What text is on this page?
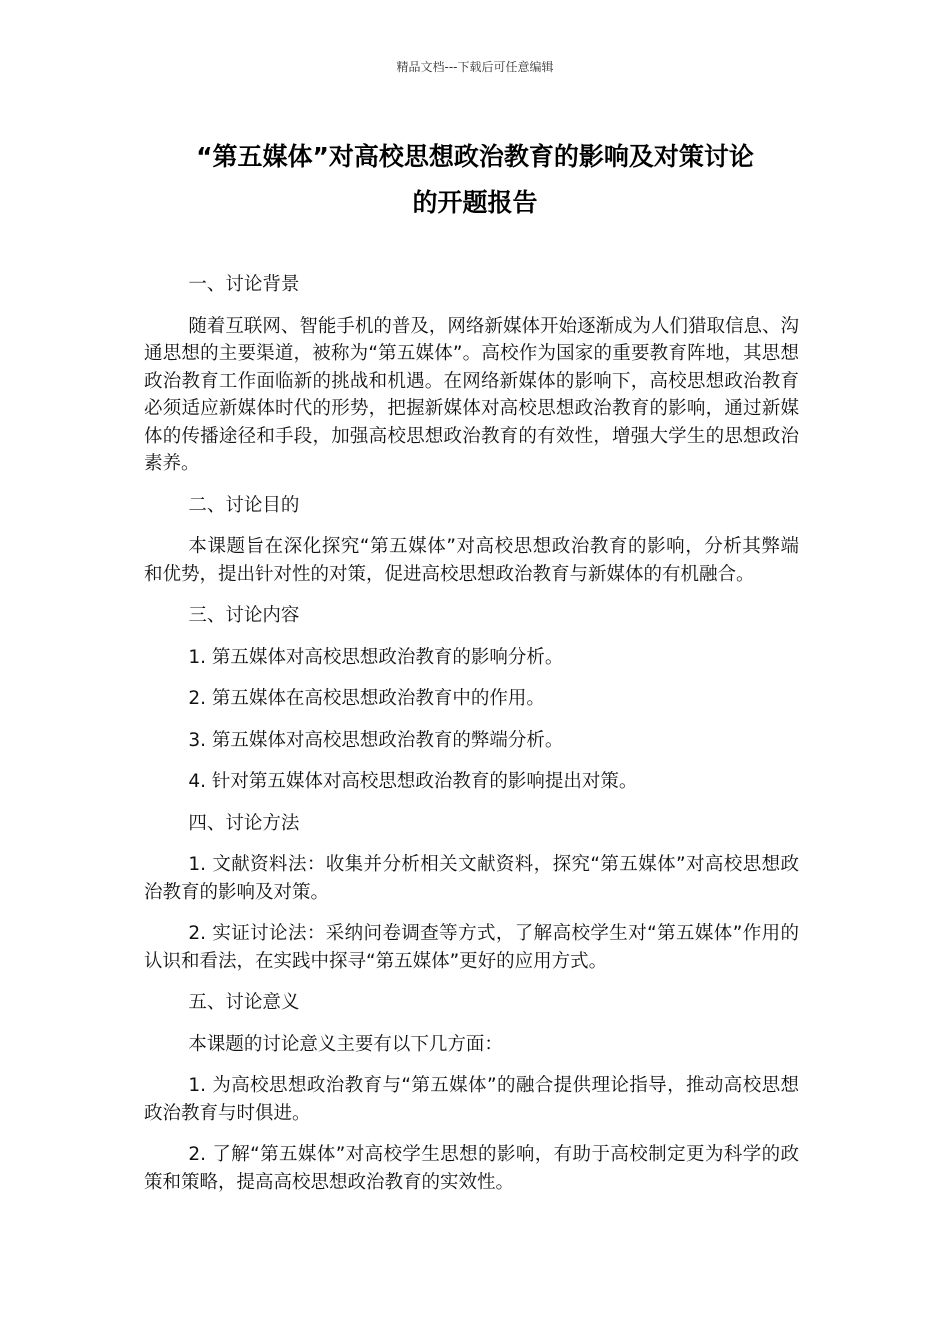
精品文档---下载后可任意编辑
“第五媒体”对高校思想政治教育的影响及对策讨论
的开题报告

一、讨论背景

随着互联网、智能手机的普及，网络新媒体开始逐渐成为人们猎取信息、沟通思想的主要渠道，被称为“第五媒体”。高校作为国家的重要教育阵地，其思想政治教育工作面临新的挑战和机遇。在网络新媒体的影响下，高校思想政治教育必须适应新媒体时代的形势，把握新媒体对高校思想政治教育的影响，通过新媒体的传播途径和手段，加强高校思想政治教育的有效性，增强大学生的思想政治素养。

二、讨论目的

本课题旨在深化探究“第五媒体”对高校思想政治教育的影响，分析其弊端和优势，提出针对性的对策，促进高校思想政治教育与新媒体的有机融合。

三、讨论内容

1. 第五媒体对高校思想政治教育的影响分析。

2. 第五媒体在高校思想政治教育中的作用。

3. 第五媒体对高校思想政治教育的弊端分析。

4. 针对第五媒体对高校思想政治教育的影响提出对策。

四、讨论方法

1. 文献资料法：收集并分析相关文献资料，探究“第五媒体”对高校思想政治教育的影响及对策。

2. 实证讨论法：采纳问卷调查等方式，了解高校学生对“第五媒体”作用的认识和看法，在实践中探寻“第五媒体”更好的应用方式。

五、讨论意义

本课题的讨论意义主要有以下几方面：

1. 为高校思想政治教育与“第五媒体”的融合提供理论指导，推动高校思想政治教育与时俱进。

2. 了解“第五媒体”对高校学生思想的影响，有助于高校制定更为科学的政策和策略，提高高校思想政治教育的实效性。
